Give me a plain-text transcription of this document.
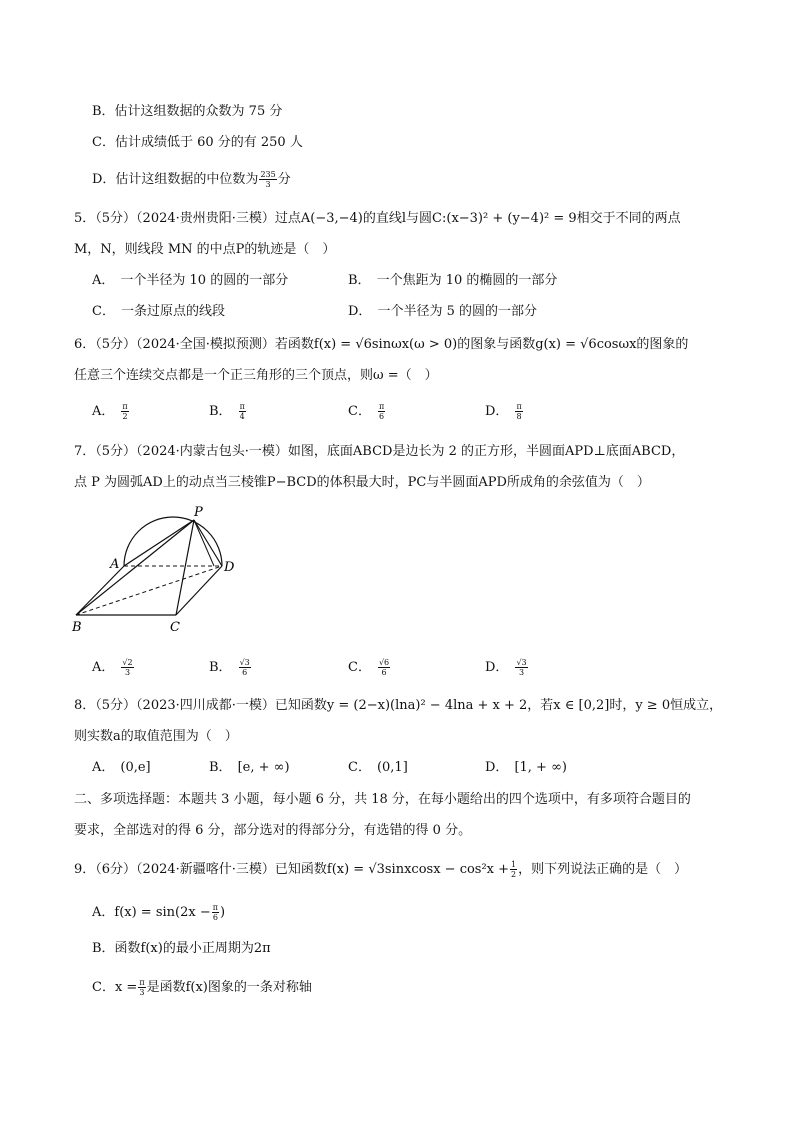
B．估计这组数据的众数为 75 分
C．估计成绩低于 60 分的有 250 人
D．估计这组数据的中位数为 $\frac{235}{3}$ 分
5．（5分）（2024·贵州贵阳·三模）过点A(−3,−4)的直线l与圆C:(x−3)² + (y−4)² = 9相交于不同的两点
M，N，则线段 MN 的中点P的轨迹是（　）
A． 一个半径为 10 的圆的一部分	B． 一个焦距为 10 的椭圆的一部分
C． 一条过原点的线段	D． 一个半径为 5 的圆的一部分
6．（5分）（2024·全国·模拟预测）若函数f(x) = √6sinωx(ω > 0)的图象与函数g(x) = √6cosωx的图象的
任意三个连续交点都是一个正三角形的三个顶点，则ω =（　）
A． $\frac{\pi}{2}$	B． $\frac{\pi}{4}$	C． $\frac{\pi}{6}$	D． $\frac{\pi}{8}$
7．（5分）（2024·内蒙古包头·一模）如图，底面ABCD是边长为 2 的正方形，半圆面APD⊥底面ABCD，
点 P 为圆弧AD上的动点当三棱锥P−BCD的体积最大时，PC与半圆面APD所成角的余弦值为（　）
P
A	D
B	C
A． $\frac{√2}{3}$	B． $\frac{√3}{6}$	C． $\frac{√6}{6}$	D． $\frac{√3}{3}$
8．（5分）（2023·四川成都·一模）已知函数y = (2−x)(lna)² − 4lna + x + 2，若x ∈ [0,2]时，y ≥ 0恒成立，
则实数a的取值范围为（　）
A． (0,e]	B． [e, + ∞)	C． (0,1]	D． [1, + ∞)
二、多项选择题：本题共 3 小题，每小题 6 分，共 18 分，在每小题给出的四个选项中，有多项符合题目的
要求，全部选对的得 6 分，部分选对的得部分分，有选错的得 0 分。
9．（6分）（2024·新疆喀什·三模）已知函数f(x) = √3sinxcosx − $\cos^2x + \frac{1}{2}$ ，则下列说法正确的是（　）
A．$f(x) = \sin(2x - \frac{\pi}{6}$ )
B．函数f(x)的最小正周期为2π
C．$x = \frac{\pi}{3}$ 是函数f(x)图象的一条对称轴
